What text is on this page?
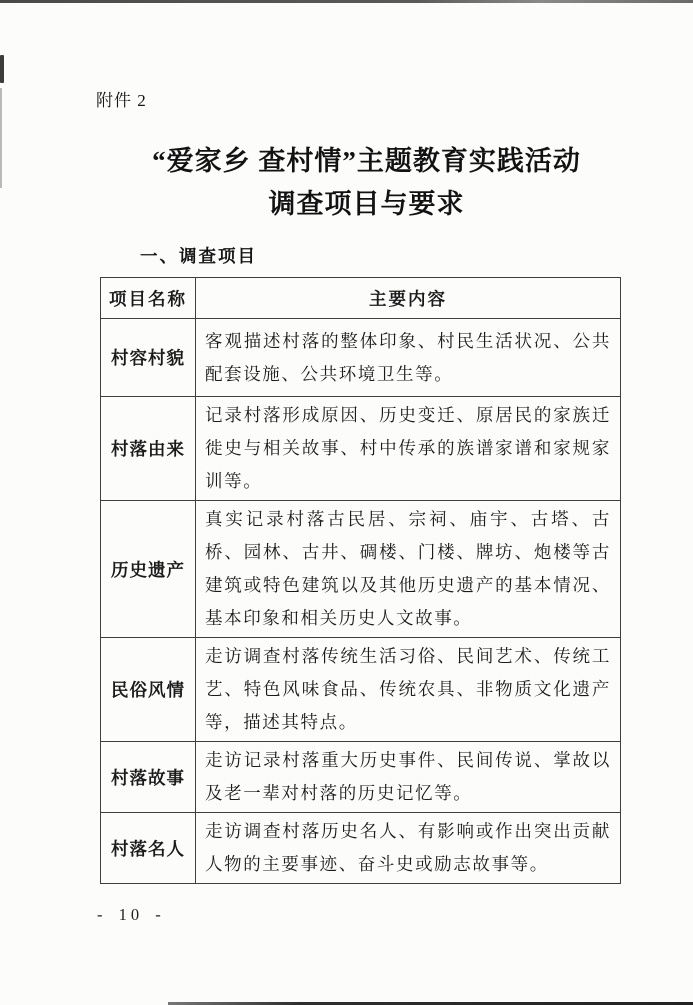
附件 2
“爱家乡 查村情”主题教育实践活动
调查项目与要求
一、调查项目
项目名称	主要内容
村容村貌	客观描述村落的整体印象、村民生活状况、公共配套设施、公共环境卫生等。
村落由来	记录村落形成原因、历史变迁、原居民的家族迁徙史与相关故事、村中传承的族谱家谱和家规家训等。
历史遗产	真实记录村落古民居、宗祠、庙宇、古塔、古桥、园林、古井、碉楼、门楼、牌坊、炮楼等古建筑或特色建筑以及其他历史遗产的基本情况、基本印象和相关历史人文故事。
民俗风情	走访调查村落传统生活习俗、民间艺术、传统工艺、特色风味食品、传统农具、非物质文化遗产等，描述其特点。
村落故事	走访记录村落重大历史事件、民间传说、掌故以及老一辈对村落的历史记忆等。
村落名人	走访调查村落历史名人、有影响或作出突出贡献人物的主要事迹、奋斗史或励志故事等。
- 10 -
